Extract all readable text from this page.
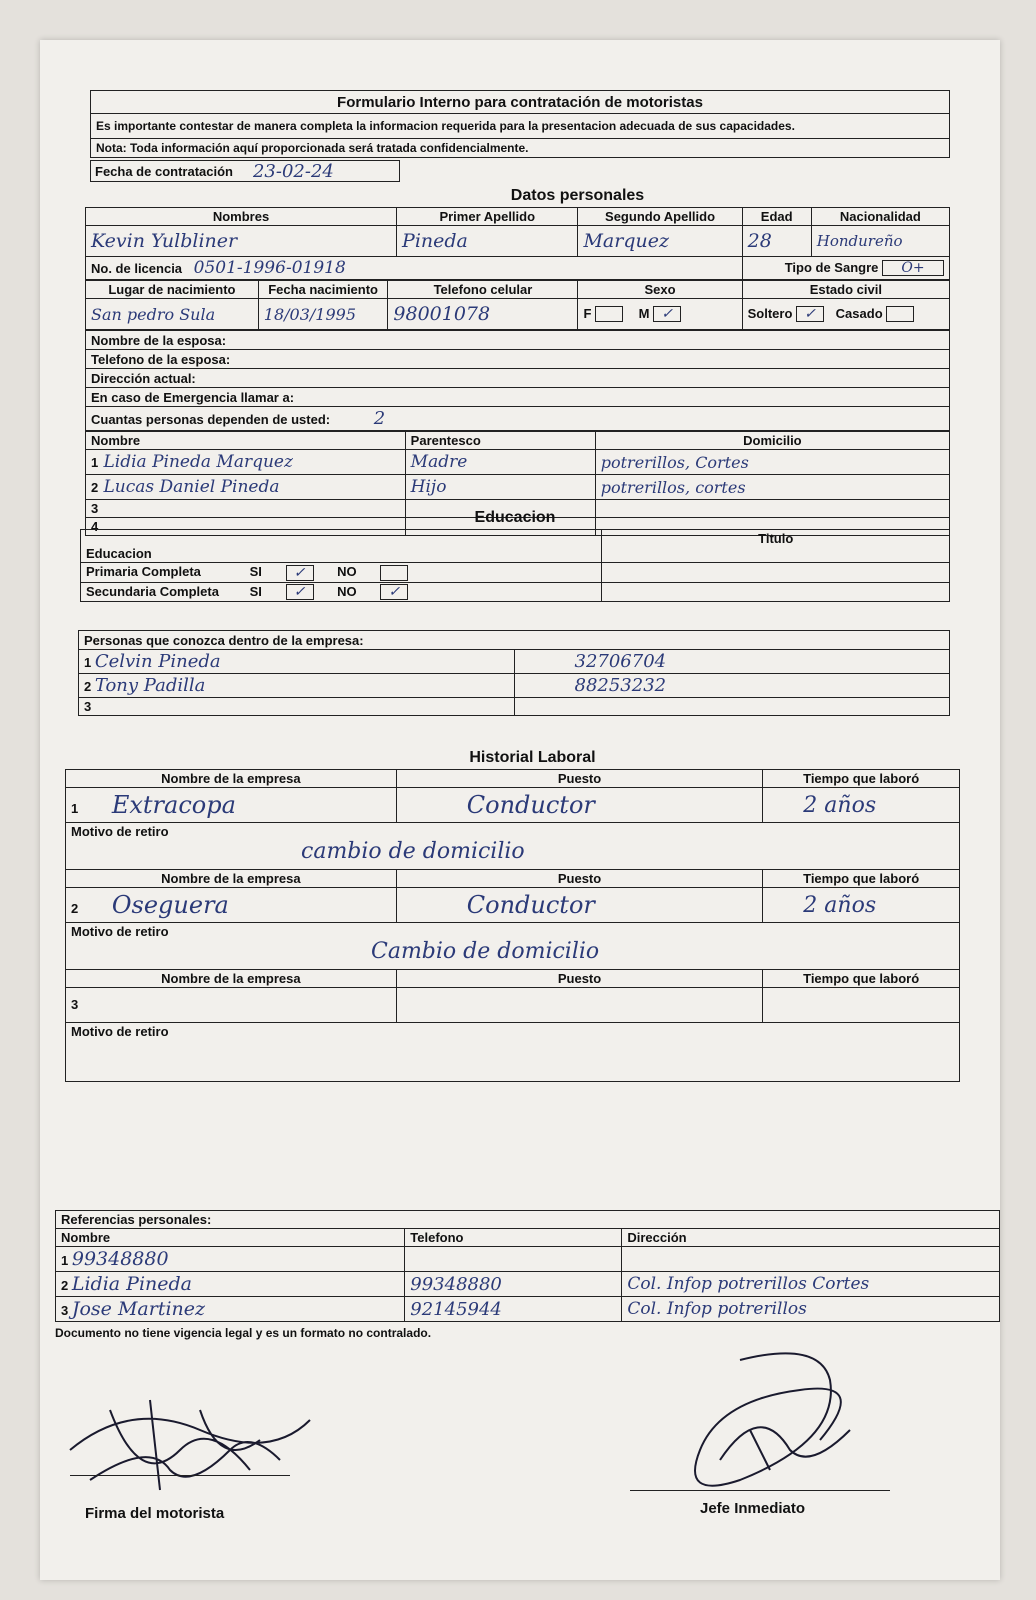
Formulario Interno para contratación de motoristas
Es importante contestar de manera completa la informacion requerida para la presentacion adecuada de sus capacidades.
Nota: Toda información aquí proporcionada será tratada confidencialmente.
Fecha de contratación 23-02-24
Datos personales
Nombres	Primer Apellido	Segundo Apellido	Edad	Nacionalidad
Kevin Yulbliner	Pineda	Marquez	28	Hondureño
No. de licencia 0501-1996-01918			Tipo de Sangre O+	
Lugar de nacimiento	Fecha nacimiento	Telefono celular	Sexo	Estado civil
San pedro Sula	18/03/1995	98001078	F M ✓	Soltero ✓ Casado
Nombre de la esposa:
Telefono de la esposa:
Dirección actual:
En caso de Emergencia llamar a:
Cuantas personas dependen de usted: 2
Nombre	Parentesco	Domicilio
1 Lidia Pineda Marquez	Madre	potrerillos, Cortes
2 Lucas Daniel Pineda	Hijo	potrerillos, cortes
3		
4		
Educacion
Educacion	Titulo
Primaria Completa SI ✓ NO	
Secundaria Completa SI ✓ NO ✓	
Personas que conozca dentro de la empresa:	
1 Celvin Pineda	32706704
2 Tony Padilla	88253232
3	
Historial Laboral
Nombre de la empresa	Puesto	Tiempo que laboró
1 Extracopa	Conductor	2 años

Motivo de retiro
cambio de domicilio		

Nombre de la empresa	Puesto	Tiempo que laboró
2 Oseguera	Conductor	2 años

Motivo de retiro
Cambio de domicilio		

Nombre de la empresa	Puesto	Tiempo que laboró
3		

Motivo de retiro		
Referencias personales:		
Nombre	Telefono	Dirección
1 99348880		
2 Lidia Pineda	99348880	Col. Infop potrerillos Cortes
3 Jose Martinez	92145944	Col. Infop potrerillos
Documento no tiene vigencia legal y es un formato no contralado.
Firma del motorista	Jefe Inmediato
